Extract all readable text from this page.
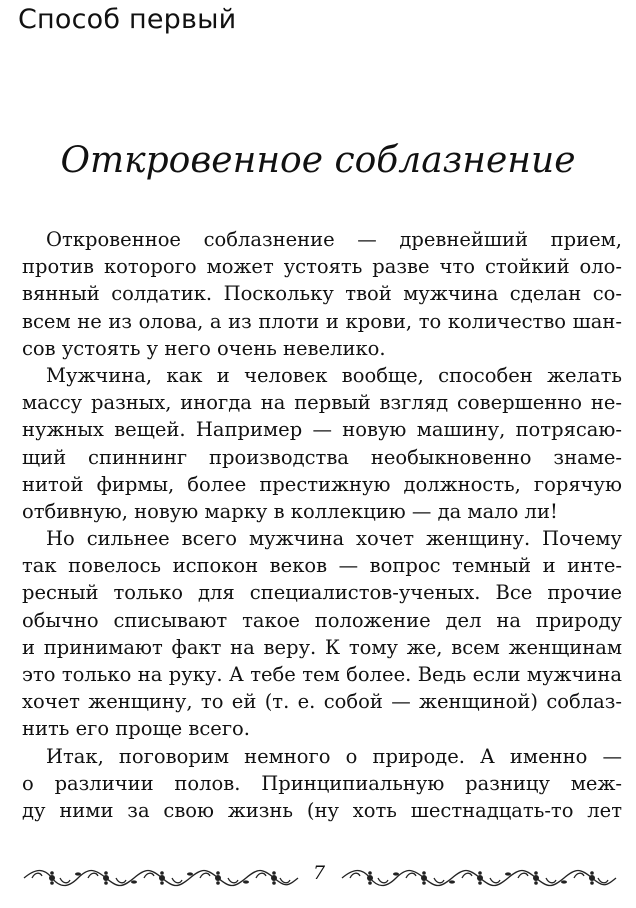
Способ первый
Откровенное соблазнение
Откровенное соблазнение — древнейший прием,
против которого может устоять разве что стойкий оло-
вянный солдатик. Поскольку твой мужчина сделан со-
всем не из олова, а из плоти и крови, то количество шан-
сов устоять у него очень невелико.
Мужчина, как и человек вообще, способен желать
массу разных, иногда на первый взгляд совершенно не-
нужных вещей. Например — новую машину, потрясаю-
щий спиннинг производства необыкновенно знаме-
нитой фирмы, более престижную должность, горячую
отбивную, новую марку в коллекцию — да мало ли!
Но сильнее всего мужчина хочет женщину. Почему
так повелось испокон веков — вопрос темный и инте-
ресный только для специалистов-ученых. Все прочие
обычно списывают такое положение дел на природу
и принимают факт на веру. К тому же, всем женщинам
это только на руку. А тебе тем более. Ведь если мужчина
хочет женщину, то ей (т. е. собой — женщиной) соблаз-
нить его проще всего.
Итак, поговорим немного о природе. А именно —
о различии полов. Принципиальную разницу меж-
ду ними за свою жизнь (ну хоть шестнадцать-то лет
7
